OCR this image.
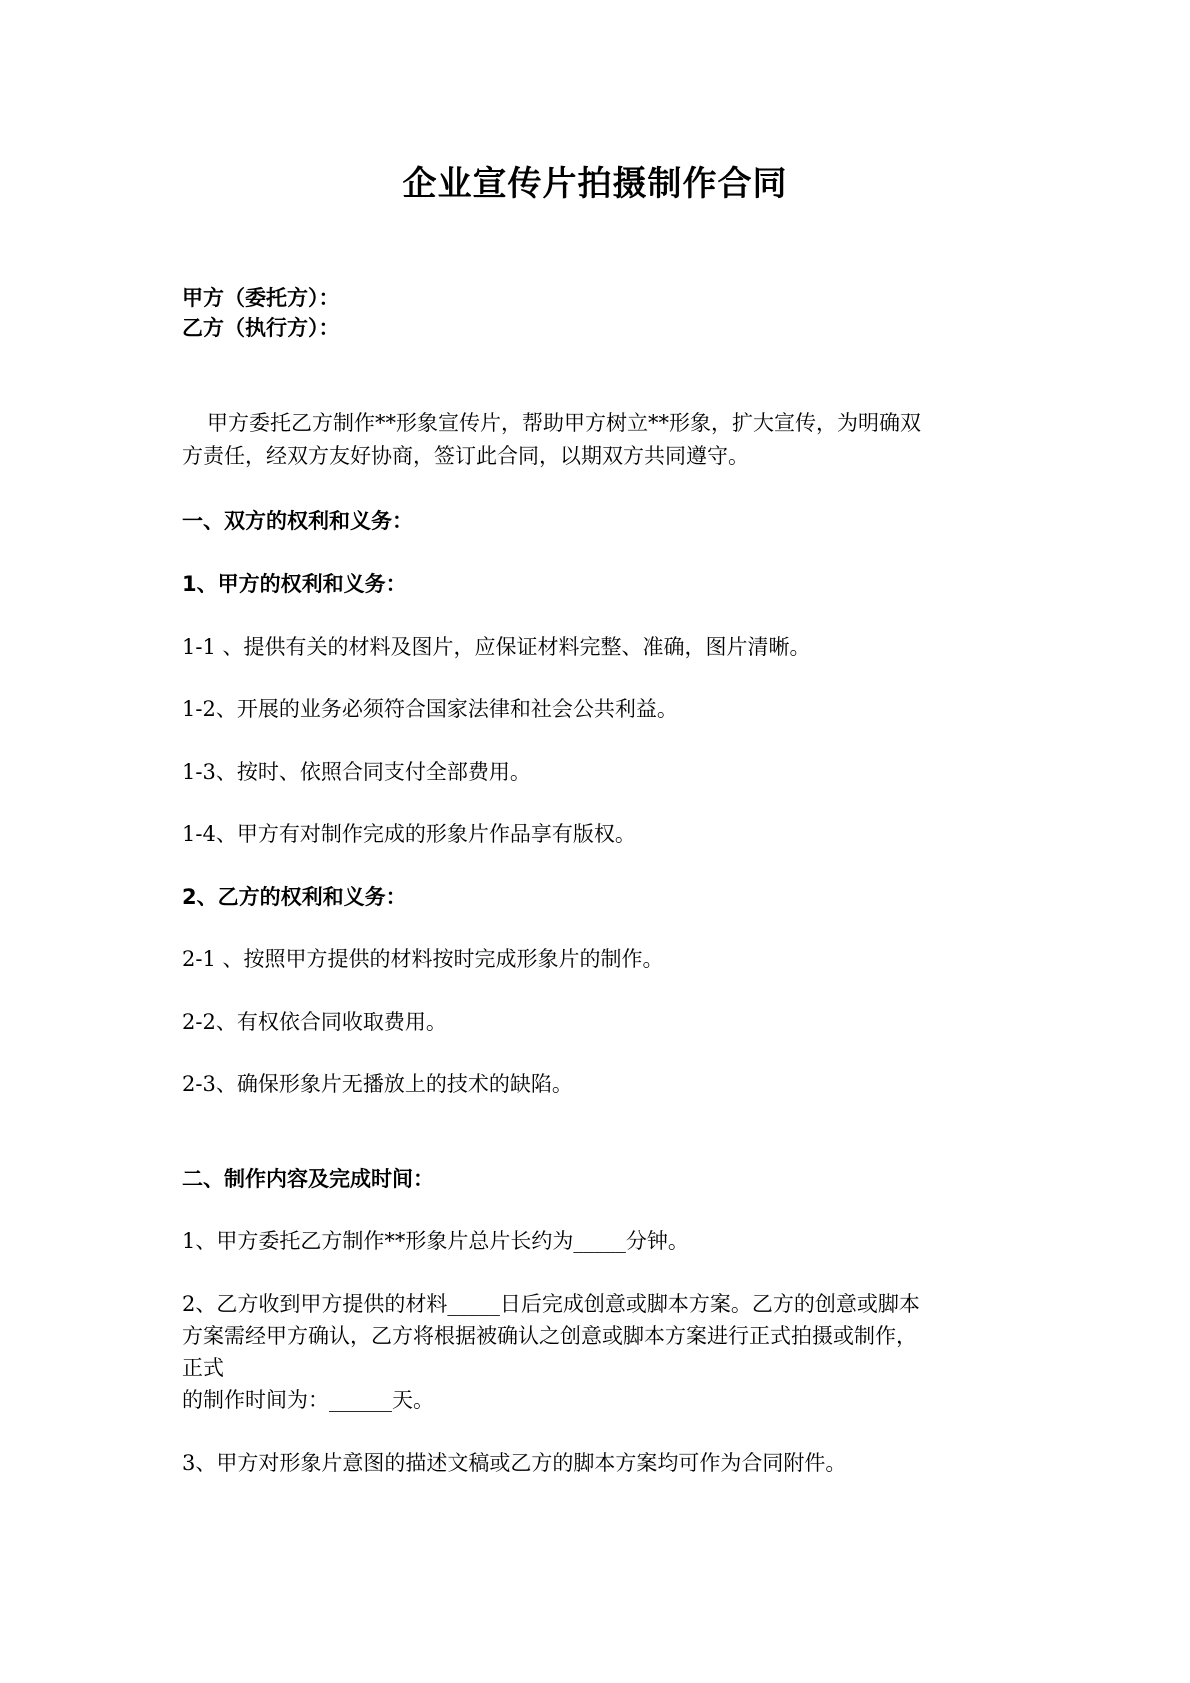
企业宣传片拍摄制作合同
甲方（委托方）：
乙方（执行方）：
甲方委托乙方制作**形象宣传片，帮助甲方树立**形象，扩大宣传，为明确双
方责任，经双方友好协商，签订此合同，以期双方共同遵守。
一、双方的权利和义务：
1、甲方的权利和义务：
1-1 、提供有关的材料及图片，应保证材料完整、准确，图片清晰。
1-2、开展的业务必须符合国家法律和社会公共利益。
1-3、按时、依照合同支付全部费用。
1-4、甲方有对制作完成的形象片作品享有版权。
2、乙方的权利和义务：
2-1 、按照甲方提供的材料按时完成形象片的制作。
2-2、有权依合同收取费用。
2-3、确保形象片无播放上的技术的缺陷。
二、制作内容及完成时间：
1、甲方委托乙方制作**形象片总片长约为_____分钟。
2、乙方收到甲方提供的材料_____日后完成创意或脚本方案。乙方的创意或脚本
方案需经甲方确认，乙方将根据被确认之创意或脚本方案进行正式拍摄或制作，
正式
的制作时间为：______天。
3、甲方对形象片意图的描述文稿或乙方的脚本方案均可作为合同附件。
